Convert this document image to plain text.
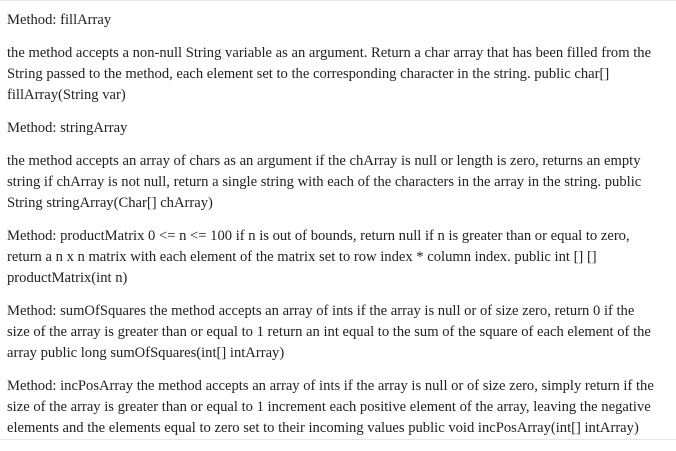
Method: fillArray

the method accepts a non-null String variable as an argument. Return a char array that has been filled from the
String passed to the method, each element set to the corresponding character in the string. public char[]
fillArray(String var)

Method: stringArray

the method accepts an array of chars as an argument if the chArray is null or length is zero, returns an empty
string if chArray is not null, return a single string with each of the characters in the array in the string. public
String stringArray(Char[] chArray)

Method: productMatrix 0 <= n <= 100 if n is out of bounds, return null if n is greater than or equal to zero,
return a n x n matrix with each element of the matrix set to row index * column index. public int [] []
productMatrix(int n)

Method: sumOfSquares the method accepts an array of ints if the array is null or of size zero, return 0 if the
size of the array is greater than or equal to 1 return an int equal to the sum of the square of each element of the
array public long sumOfSquares(int[] intArray)

Method: incPosArray the method accepts an array of ints if the array is null or of size zero, simply return if the
size of the array is greater than or equal to 1 increment each positive element of the array, leaving the negative
elements and the elements equal to zero set to their incoming values public void incPosArray(int[] intArray)
